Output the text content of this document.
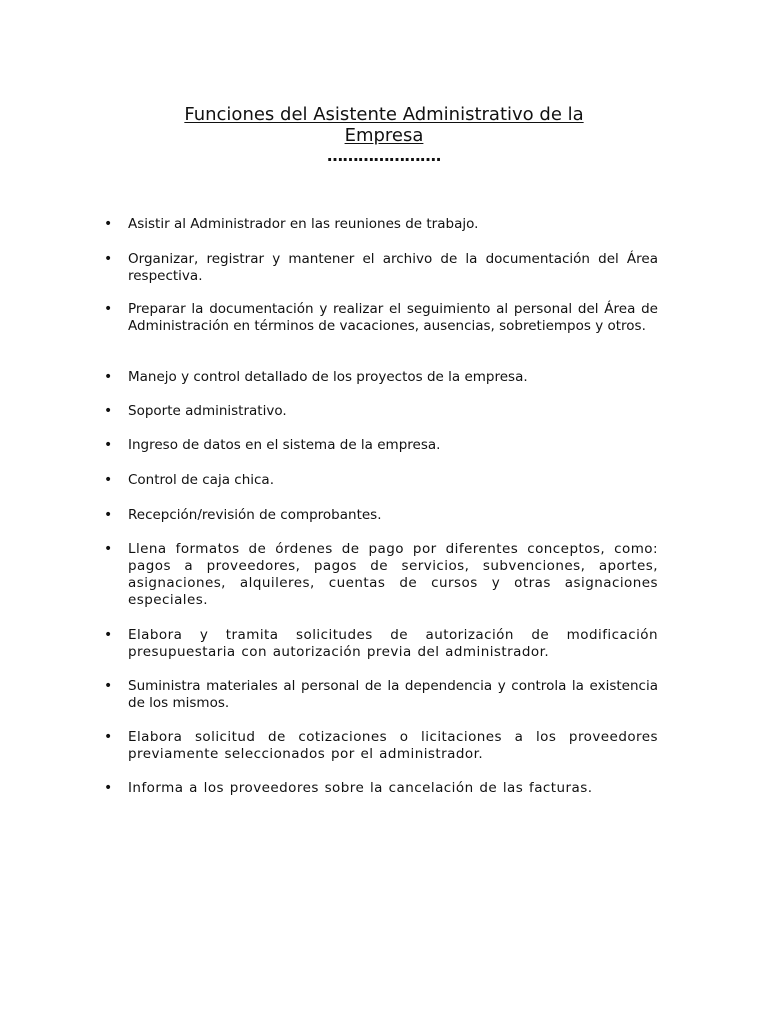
Funciones del Asistente Administrativo de la
Empresa
………………….
• Asistir al Administrador en las reuniones de trabajo.

• Organizar, registrar y mantener el archivo de la documentación del Área respectiva.

• Preparar la documentación y realizar el seguimiento al personal del Área de Administración en términos de vacaciones, ausencias, sobretiempos y otros.

• Manejo y control detallado de los proyectos de la empresa.

• Soporte administrativo.

• Ingreso de datos en el sistema de la empresa.

• Control de caja chica.

• Recepción/revisión de comprobantes.

• Llena formatos de órdenes de pago por diferentes conceptos, como: pagos a proveedores, pagos de servicios, subvenciones, aportes, asignaciones, alquileres, cuentas de cursos y otras asignaciones especiales.

• Elabora y tramita solicitudes de autorización de modificación presupuestaria con autorización previa del administrador.

• Suministra materiales al personal de la dependencia y controla la existencia de los mismos.

• Elabora solicitud de cotizaciones o licitaciones a los proveedores previamente seleccionados por el administrador.

• Informa a los proveedores sobre la cancelación de las facturas.
